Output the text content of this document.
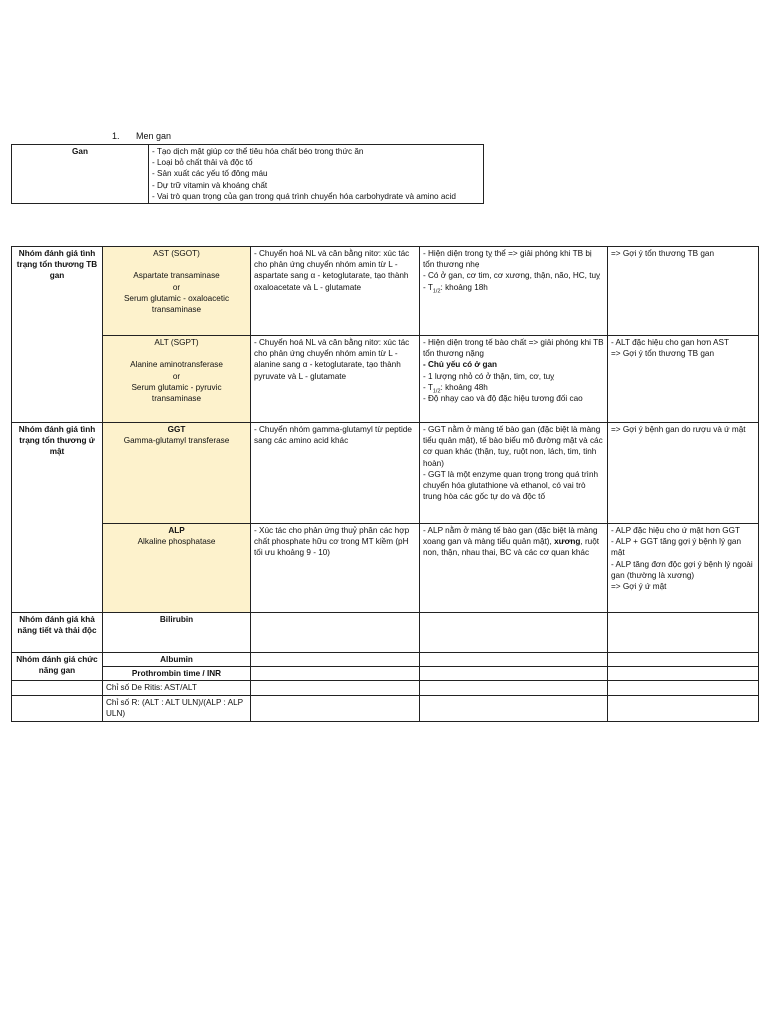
1. Men gan
Gan	- Tạo dịch mật giúp cơ thể tiêu hóa chất béo trong thức ăn
- Loại bỏ chất thải và độc tố
- Sản xuất các yếu tố đông máu
- Dự trữ vitamin và khoáng chất
- Vai trò quan trọng của gan trong quá trình chuyển hóa carbohydrate và amino acid
Nhóm đánh giá tình trạng tổn thương TB gan	AST (SGOT)

Aspartate transaminase
or
Serum glutamic - oxaloacetic transaminase	- Chuyển hoá NL và cân bằng nitơ: xúc tác cho phản ứng chuyển nhóm amin từ L - aspartate sang α - ketoglutarate, tạo thành oxaloacetate và L - glutamate	- Hiện diện trong tỵ thể => giải phóng khi TB bị tổn thương nhẹ
- Có ở gan, cơ tim, cơ xương, thận, não, HC, tuỵ
- $T_{1/2}$: khoảng 18h	=> Gợi ý tổn thương TB gan

	ALT (SGPT)

Alanine aminotransferase
or
Serum glutamic - pyruvic transaminase	- Chuyển hoá NL và cân bằng nitơ: xúc tác cho phản ứng chuyển nhóm amin từ L - alanine sang α - ketoglutarate, tạo thành pyruvate và L - glutamate	- Hiện diện trong tế bào chất => giải phóng khi TB tổn thương nặng
- Chủ yếu có ở gan
- 1 lượng nhỏ có ở thận, tim, cơ, tuỵ
- $T_{1/2}$: khoảng 48h
- Độ nhạy cao và độ đặc hiệu tương đối cao	- ALT đặc hiệu cho gan hơn AST
=> Gợi ý tổn thương TB gan

Nhóm đánh giá tình trạng tổn thương ứ mật	GGT
Gamma-glutamyl transferase	- Chuyển nhóm gamma-glutamyl từ peptide sang các amino acid khác	- GGT nằm ở màng tế bào gan (đặc biệt là màng tiểu quản mật), tế bào biểu mô đường mật và các cơ quan khác (thận, tuỵ, ruột non, lách, tim, tinh hoàn)
- GGT là một enzyme quan trọng trong quá trình chuyển hóa glutathione và ethanol, có vai trò trung hòa các gốc tự do và độc tố	=> Gợi ý bệnh gan do rượu và ứ mật

	ALP
Alkaline phosphatase	- Xúc tác cho phản ứng thuỷ phân các hợp chất phosphate hữu cơ trong MT kiềm (pH tối ưu khoảng 9 - 10)	- ALP nằm ở màng tế bào gan (đặc biệt là màng xoang gan và màng tiểu quản mật), xương, ruột non, thận, nhau thai, BC và các cơ quan khác	- ALP đặc hiệu cho ứ mật hơn GGT
- ALP + GGT tăng gợi ý bệnh lý gan mật
- ALP tăng đơn độc gợi ý bệnh lý ngoài gan (thường là xương)
=> Gợi ý ứ mật

Nhóm đánh giá khả năng tiết và thải độc	Bilirubin			
Nhóm đánh giá chức năng gan	Albumin			
	Prothrombin time / INR			
	Chỉ số De Ritis: AST/ALT			
	Chỉ số R: (ALT : ALT ULN)/(ALP : ALP ULN)			
